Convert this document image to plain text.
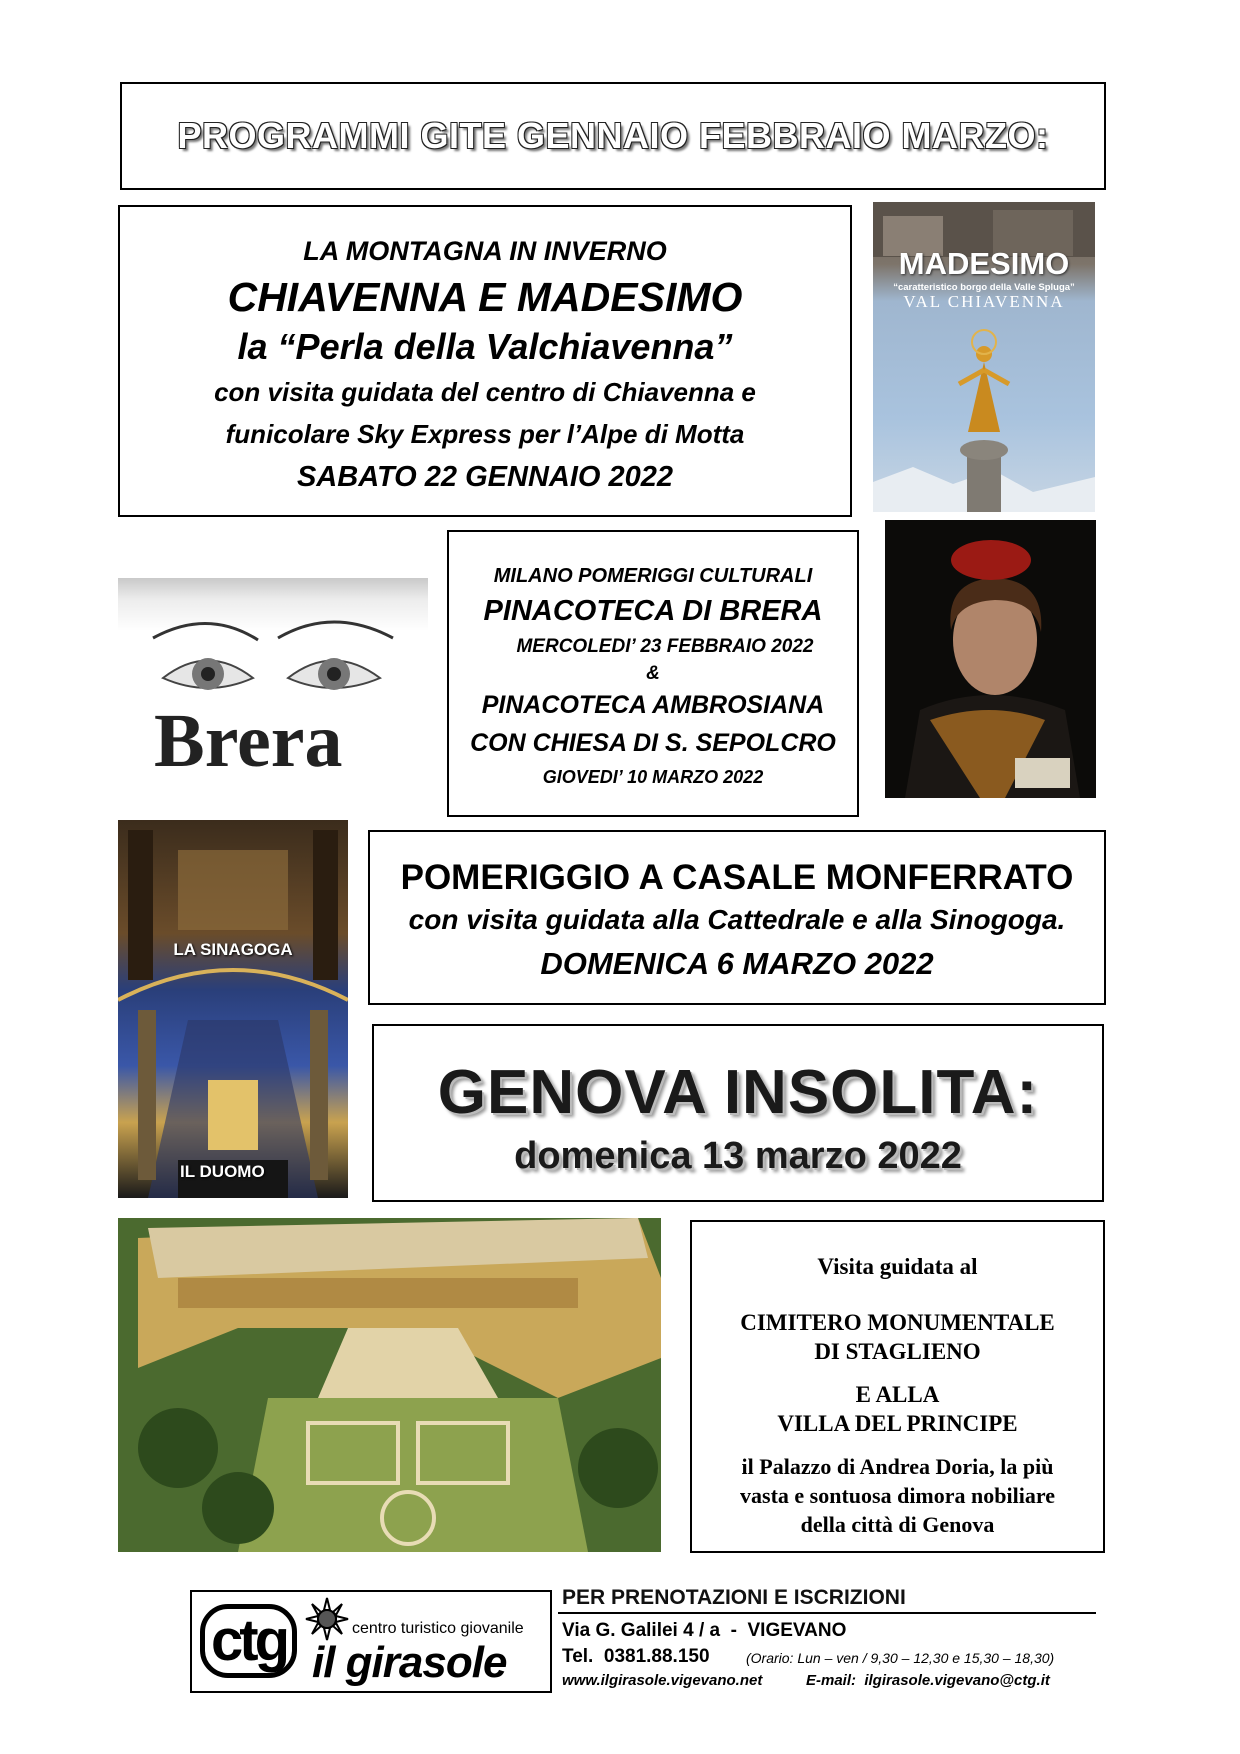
PROGRAMMI GITE GENNAIO FEBBRAIO MARZO:
LA MONTAGNA IN INVERNO
CHIAVENNA E MADESIMO
la “Perla della Valchiavenna”
con visita guidata del centro di Chiavenna e
funicolare Sky Express per l’Alpe di Motta
SABATO 22 GENNAIO 2022
MADESIMO
“caratteristico borgo della Valle Spluga”
VAL CHIAVENNA
Brera
MILANO POMERIGGI CULTURALI
PINACOTECA DI BRERA
MERCOLEDI’ 23 FEBBRAIO 2022
&
PINACOTECA AMBROSIANA
CON CHIESA DI S. SEPOLCRO
GIOVEDI’ 10 MARZO 2022
LA SINAGOGA
IL DUOMO
POMERIGGIO A CASALE MONFERRATO
con visita guidata alla Cattedrale e alla Sinogoga.
DOMENICA 6 MARZO 2022
GENOVA INSOLITA:
domenica 13 marzo 2022
Visita guidata al
CIMITERO MONUMENTALE
DI STAGLIENO
E ALLA
VILLA DEL PRINCIPE
il Palazzo di Andrea Doria, la più
vasta e sontuosa dimora nobiliare
della città di Genova
ctg	centro turistico giovanile
il girasole
PER PRENOTAZIONI E ISCRIZIONI
Via G. Galilei 4 / a  -  VIGEVANO
Tel.  0381.88.150	(Orario: Lun – ven / 9,30 – 12,30 e 15,30 – 18,30)
www.ilgirasole.vigevano.net	E-mail:  ilgirasole.vigevano@ctg.it
